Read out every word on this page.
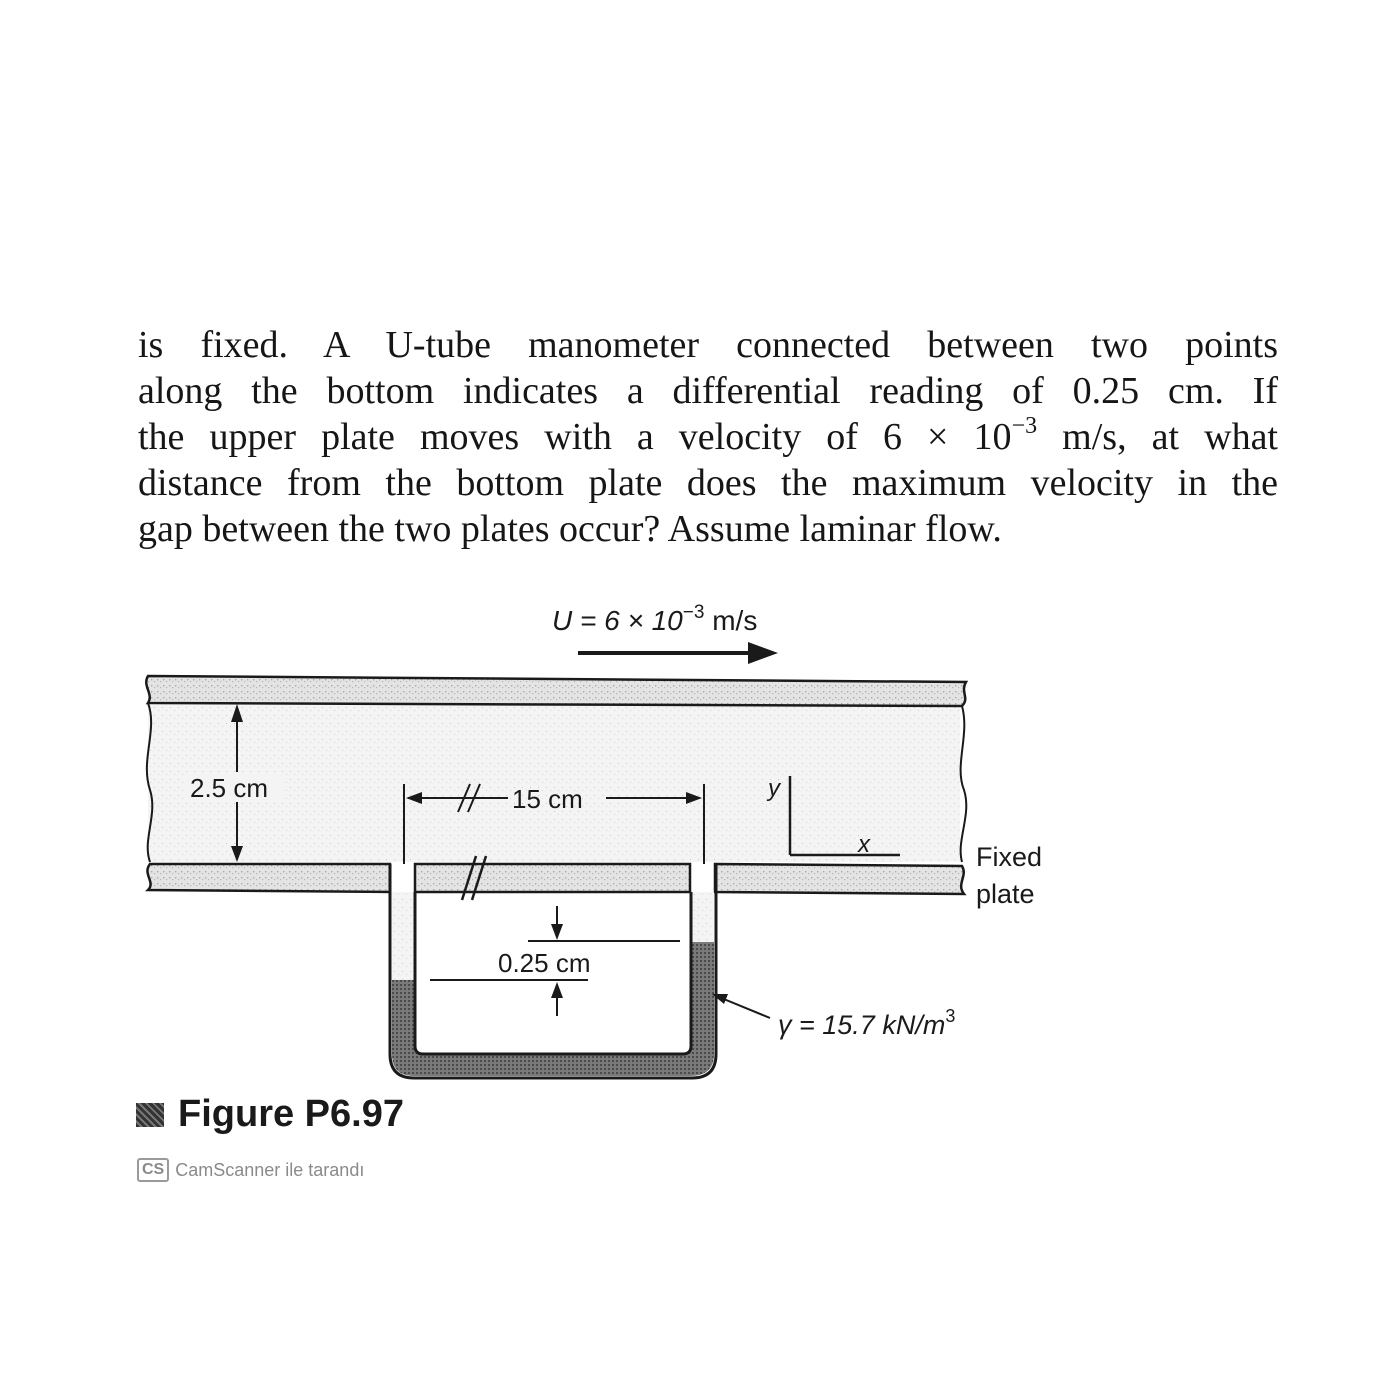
is fixed. A U-tube manometer connected between two points
along the bottom indicates a differential reading of 0.25 cm. If
the upper plate moves with a velocity of $6 \times 10^{-3}$ m/s, at what
distance from the bottom plate does the maximum velocity in the
gap between the two plates occur? Assume laminar flow.
$U = 6 \times 10^{-3}$ m/s
2.5 cm	15 cm	y
x	Fixed
plate
0.25 cm
γ = 15.7 $kN/m^3$
Figure P6.97
CS CamScanner ile tarandı
